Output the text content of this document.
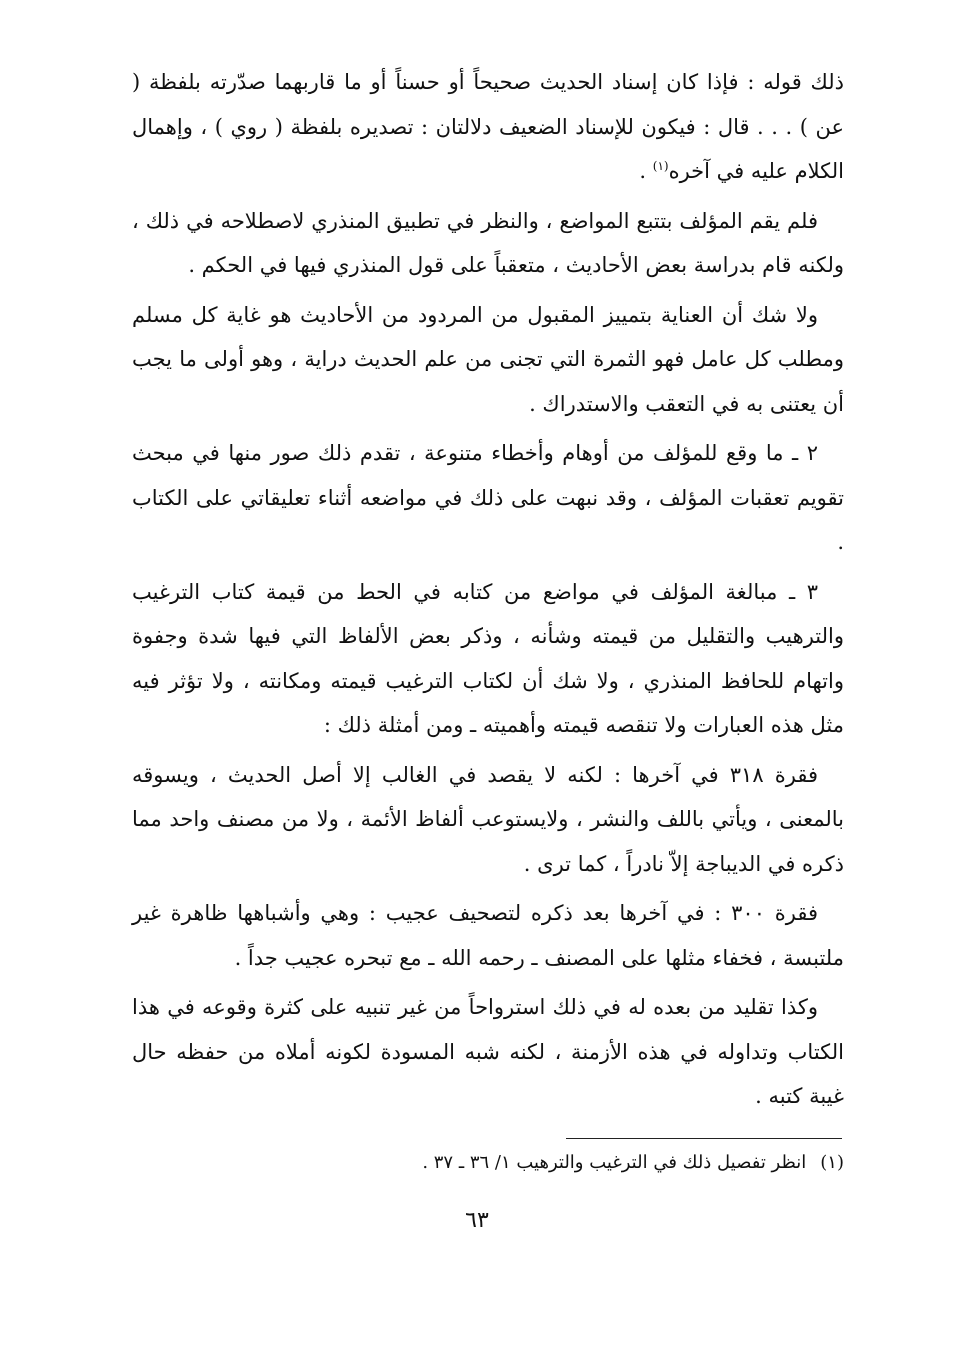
ذلك قوله : فإذا كان إسناد الحديث صحيحاً أو حسناً أو ما قاربهما صدّرته بلفظة ( عن ) . . . قال : فيكون للإسناد الضعيف دلالتان : تصديره بلفظة ( روي ) ، وإهمال الكلام عليه في آخره$^{(١)}$ .

فلم يقم المؤلف بتتبع المواضع ، والنظر في تطبيق المنذري لاصطلاحه في ذلك ، ولكنه قام بدراسة بعض الأحاديث ، متعقباً على قول المنذري فيها في الحكم .

ولا شك أن العناية بتمييز المقبول من المردود من الأحاديث هو غاية كل مسلم ومطلب كل عامل فهو الثمرة التي تجنى من علم الحديث دراية ، وهو أولى ما يجب أن يعتنى به في التعقب والاستدراك .

٢ ـ ما وقع للمؤلف من أوهام وأخطاء متنوعة ، تقدم ذلك صور منها في مبحث تقويم تعقبات المؤلف ، وقد نبهت على ذلك في مواضعه أثناء تعليقاتي على الكتاب .

٣ ـ مبالغة المؤلف في مواضع من كتابه في الحط من قيمة كتاب الترغيب والترهيب والتقليل من قيمته وشأنه ، وذكر بعض الألفاظ التي فيها شدة وجفوة واتهام للحافظ المنذري ، ولا شك أن لكتاب الترغيب قيمته ومكانته ، ولا تؤثر فيه مثل هذه العبارات ولا تنقصه قيمته وأهميته ـ ومن أمثلة ذلك :

فقرة ٣١٨ في آخرها : لكنه لا يقصد في الغالب إلا أصل الحديث ، ويسوقه بالمعنى ، ويأتي باللف والنشر ، ولايستوعب ألفاظ الأئمة ، ولا من مصنف واحد مما ذكره في الديباجة إلاّ نادراً ، كما ترى .

فقرة ٣٠٠ : في آخرها بعد ذكره لتصحيف عجيب : وهي وأشباهها ظاهرة غير ملتبسة ، فخفاء مثلها على المصنف ـ رحمه الله ـ مع تبحره عجيب جداً .

وكذا تقليد من بعده له في ذلك استرواحاً من غير تنبيه على كثرة وقوعه في هذا الكتاب وتداوله في هذه الأزمنة ، لكنه شبه المسودة لكونه أملاه من حفظه حال غيبة كتبه .

(١)انظر تفصيل ذلك في الترغيب والترهيب ١/ ٣٦ ـ ٣٧ .
٦٣
